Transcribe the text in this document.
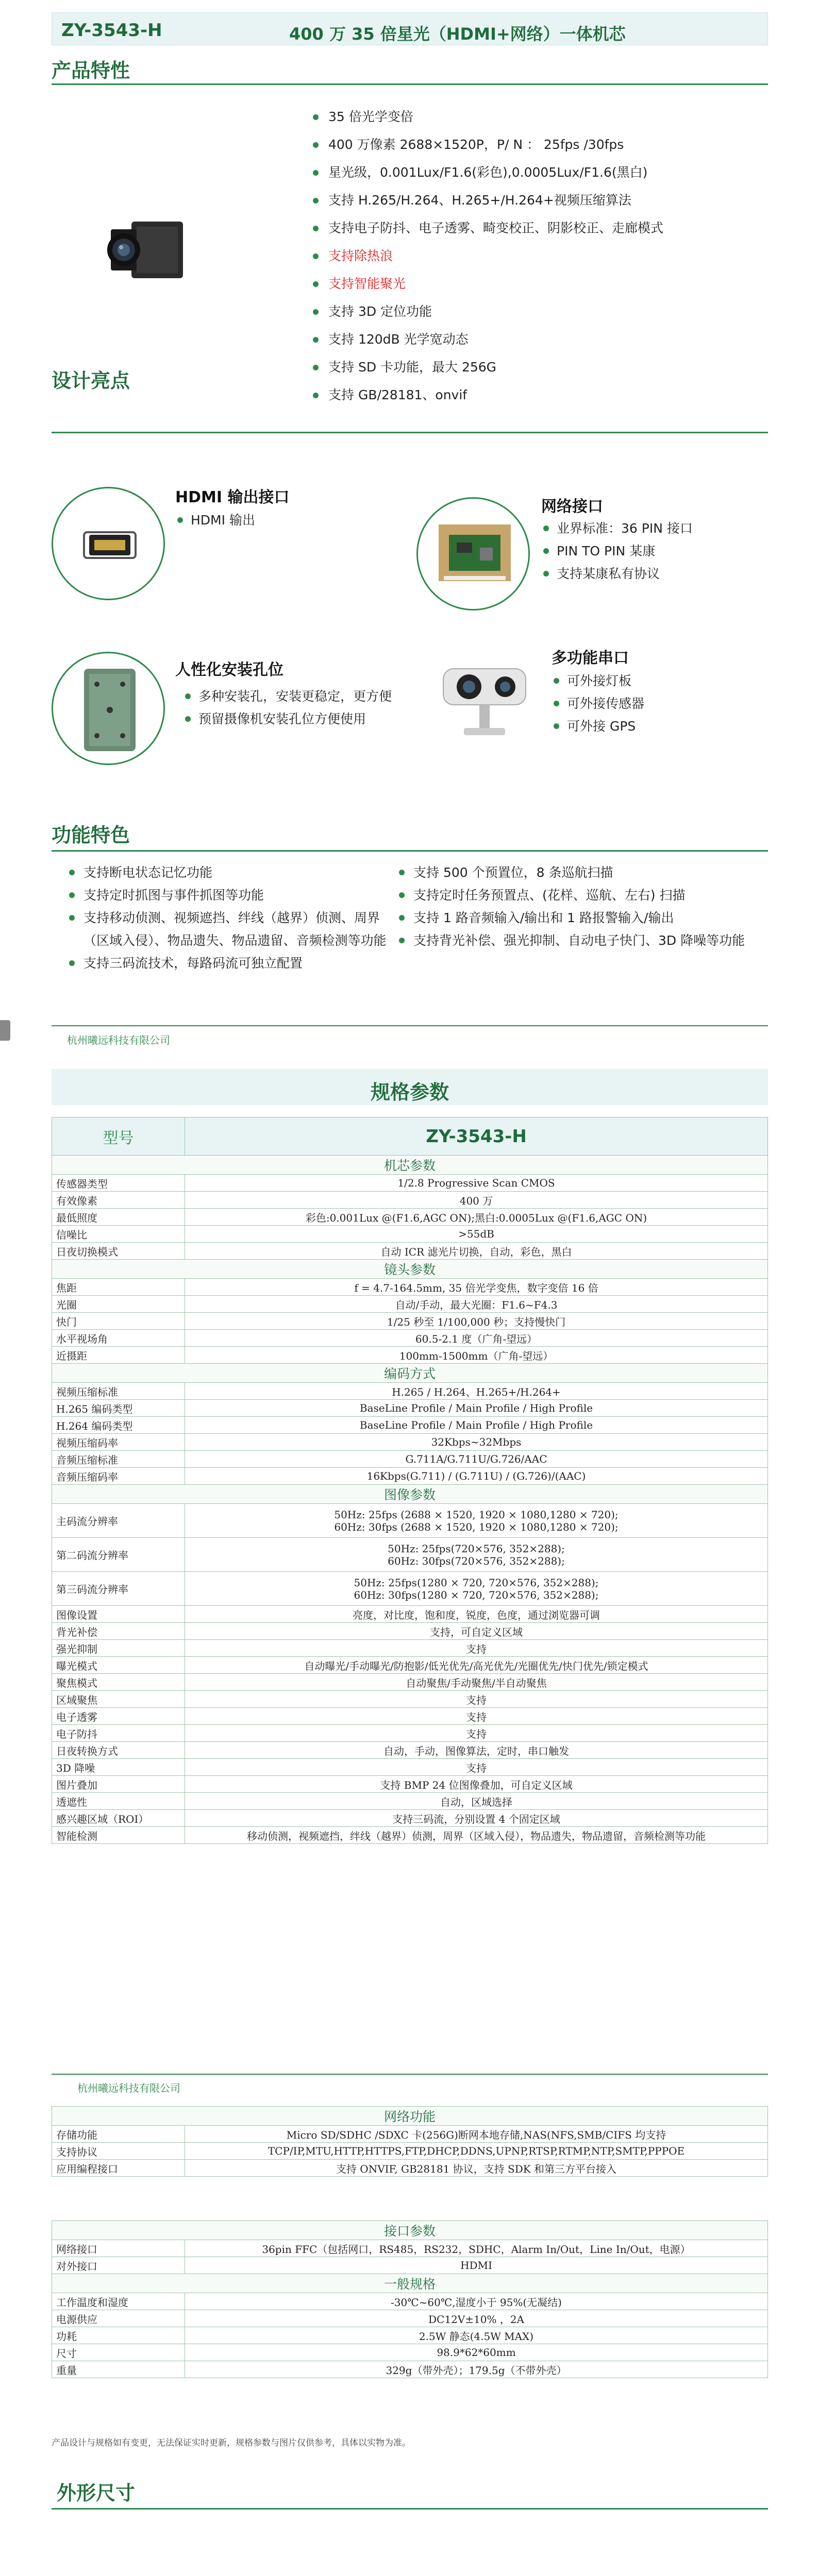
ZY-3543-H	400 万 35 倍星光（HDMI+网络）一体机芯
产品特性
35 倍光学变倍
400 万像素 2688×1520P，P/ N ： 25fps /30fps
星光级，0.001Lux/F1.6(彩色),0.0005Lux/F1.6(黑白)
支持 H.265/H.264、H.265+/H.264+视频压缩算法
支持电子防抖、电子透雾、畸变校正、阴影校正、走廊模式
支持除热浪
支持智能聚光
支持 3D 定位功能
支持 120dB 光学宽动态
支持 SD 卡功能，最大 256G
支持 GB/28181、onvif
设计亮点
HDMI 输出接口
HDMI 输出
网络接口
业界标准：36 PIN 接口
PIN TO PIN 某康
支持某康私有协议
人性化安装孔位
多种安装孔，安装更稳定，更方便
预留摄像机安装孔位方便使用
多功能串口
可外接灯板
可外接传感器
可外接 GPS
功能特色
支持断电状态记忆功能
支持定时抓图与事件抓图等功能
支持移动侦测、视频遮挡、绊线（越界）侦测、周界（区域入侵）、物品遗失、物品遗留、音频检测等功能
支持三码流技术，每路码流可独立配置
支持 500 个预置位，8 条巡航扫描
支持定时任务预置点、(花样、巡航、左右) 扫描
支持 1 路音频输入/输出和 1 路报警输入/输出
支持背光补偿、强光抑制、自动电子快门、3D 降噪等功能
杭州曦远科技有限公司
规格参数
型号	ZY-3543-H
机芯参数	
传感器类型	1/2.8 Progressive Scan CMOS
有效像素	400 万
最低照度	彩色:0.001Lux @(F1.6,AGC ON);黑白:0.0005Lux @(F1.6,AGC ON)
信噪比	>55dB
日夜切换模式	自动 ICR 滤光片切换，自动，彩色，黑白
镜头参数	
焦距	f = 4.7-164.5mm, 35 倍光学变焦，数字变倍 16 倍
光圈	自动/手动，最大光圈：F1.6~F4.3
快门	1/25 秒至 1/100,000 秒；支持慢快门
水平视场角	60.5-2.1 度（广角-望远）
近摄距	100mm-1500mm（广角-望远）
编码方式	
视频压缩标准	H.265 / H.264、H.265+/H.264+
H.265 编码类型	BaseLine Profile / Main Profile / High Profile
H.264 编码类型	BaseLine Profile / Main Profile / High Profile
视频压缩码率	32Kbps~32Mbps
音频压缩标准	G.711A/G.711U/G.726/AAC
音频压缩码率	16Kbps(G.711) / (G.711U) / (G.726)/(AAC)
图像参数	
主码流分辨率	50Hz: 25fps (2688 × 1520, 1920 × 1080,1280 × 720);
60Hz: 30fps (2688 × 1520, 1920 × 1080,1280 × 720);
第二码流分辨率	50Hz: 25fps(720×576, 352×288);
60Hz: 30fps(720×576, 352×288);
第三码流分辨率	50Hz: 25fps(1280 × 720, 720×576, 352×288);
60Hz: 30fps(1280 × 720, 720×576, 352×288);
图像设置	亮度，对比度，饱和度，锐度，色度，通过浏览器可调
背光补偿	支持，可自定义区域
强光抑制	支持
曝光模式	自动曝光/手动曝光/防抱影/低光优先/高光优先/光圈优先/快门优先/锁定模式
聚焦模式	自动聚焦/手动聚焦/半自动聚焦
区域聚焦	支持
电子透雾	支持
电子防抖	支持
日夜转换方式	自动，手动，图像算法，定时，串口触发
3D 降噪	支持
图片叠加	支持 BMP 24 位图像叠加，可自定义区域
透遮性	自动，区域选择
感兴趣区域（ROI）	支持三码流，分别设置 4 个固定区域
智能检测	移动侦测，视频遮挡，绊线（越界）侦测，周界（区域入侵），物品遗失，物品遗留，音频检测等功能
杭州曦远科技有限公司
网络功能	
存储功能	Micro SD/SDHC /SDXC 卡(256G)断网本地存储,NAS(NFS,SMB/CIFS 均支持
支持协议	TCP/IP,MTU,HTTP,HTTPS,FTP,DHCP,DDNS,UPNP,RTSP,RTMP,NTP,SMTP,PPPOE
应用编程接口	支持 ONVIF, GB28181 协议，支持 SDK 和第三方平台接入
接口参数	
网络接口	36pin FFC（包括网口，RS485，RS232，SDHC，Alarm In/Out，Line In/Out，电源）
对外接口	HDMI
一般规格	
工作温度和湿度	-30℃~60℃,湿度小于 95%(无凝结)
电源供应	DC12V±10% ，2A
功耗	2.5W 静态(4.5W MAX)
尺寸	98.9*62*60mm
重量	329g（带外壳）；179.5g（不带外壳）
产品设计与规格如有变更，无法保证实时更新，规格参数与图片仅供参考，具体以实物为准。
外形尺寸
